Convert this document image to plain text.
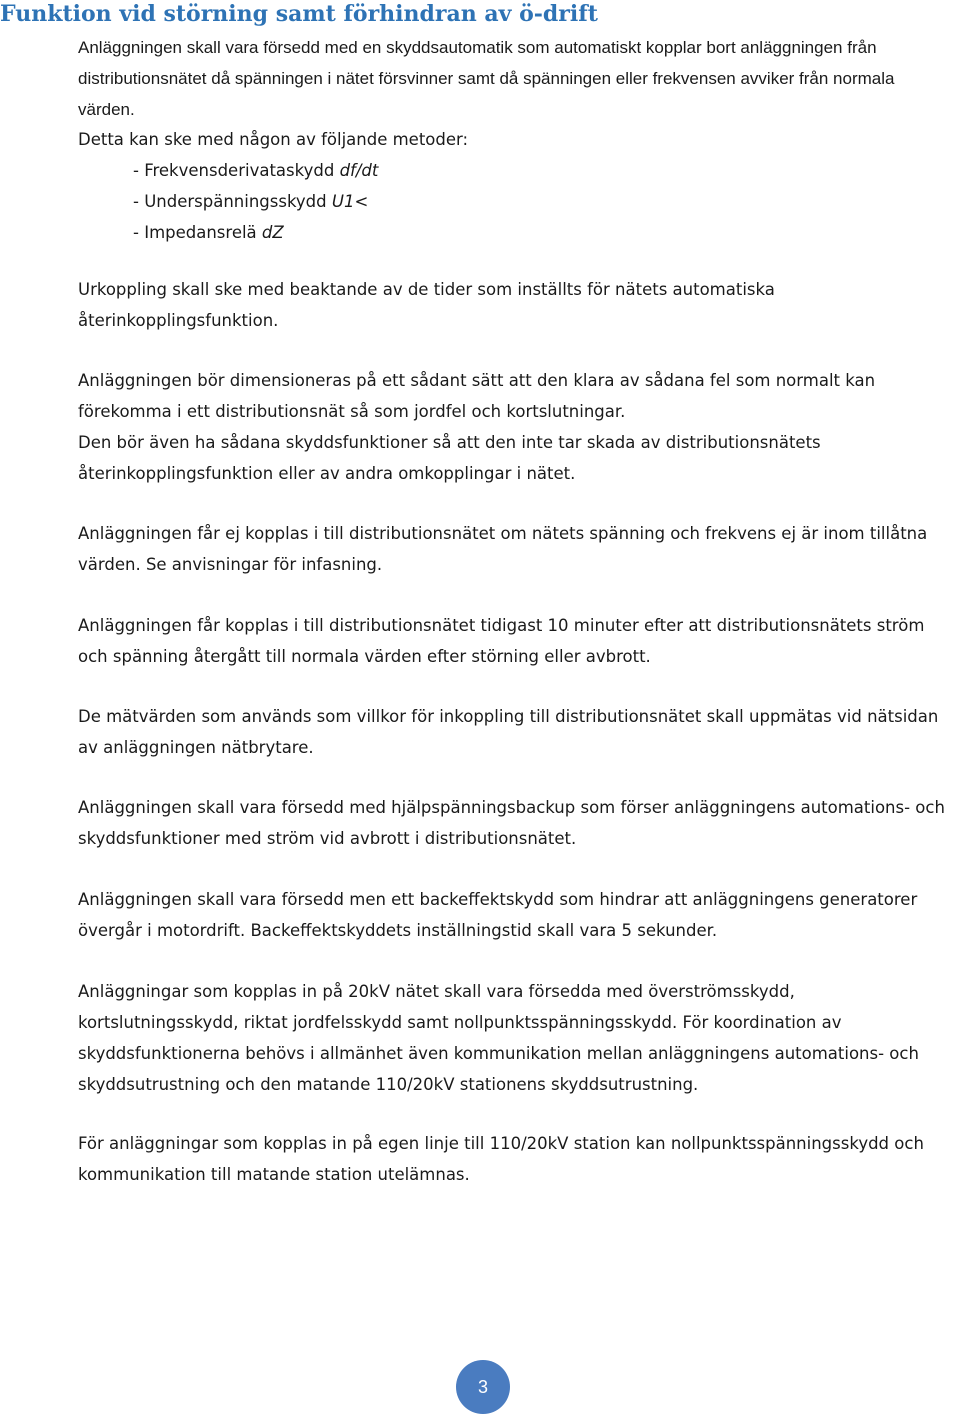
Funktion vid störning samt förhindran av ö-drift

Anläggningen skall vara försedd med en skyddsautomatik som automatiskt kopplar bort anläggningen från distributionsnätet då spänningen i nätet försvinner samt då spänningen eller frekvensen avviker från normala värden.

Detta kan ske med någon av följande metoder:

- Frekvensderivataskydd df/dt
- Underspänningsskydd U1<
- Impedansrelä dZ

Urkoppling skall ske med beaktande av de tider som inställts för nätets automatiska återinkopplingsfunktion.

Anläggningen bör dimensioneras på ett sådant sätt att den klara av sådana fel som normalt kan förekomma i ett distributionsnät så som jordfel och kortslutningar.

Den bör även ha sådana skyddsfunktioner så att den inte tar skada av distributionsnätets återinkopplingsfunktion eller av andra omkopplingar i nätet.

Anläggningen får ej kopplas i till distributionsnätet om nätets spänning och frekvens ej är inom tillåtna värden. Se anvisningar för infasning.

Anläggningen får kopplas i till distributionsnätet tidigast 10 minuter efter att distributionsnätets ström och spänning återgått till normala värden efter störning eller avbrott.

De mätvärden som används som villkor för inkoppling till distributionsnätet skall uppmätas vid nätsidan av anläggningen nätbrytare.

Anläggningen skall vara försedd med hjälpspänningsbackup som förser anläggningens automations- och skyddsfunktioner med ström vid avbrott i distributionsnätet.

Anläggningen skall vara försedd men ett backeffektskydd som hindrar att anläggningens generatorer övergår i motordrift. Backeffektskyddets inställningstid skall vara 5 sekunder.

Anläggningar som kopplas in på 20kV nätet skall vara försedda med överströmsskydd, kortslutningsskydd, riktat jordfelsskydd samt nollpunktsspänningsskydd. För koordination av skyddsfunktionerna behövs i allmänhet även kommunikation mellan anläggningens automations- och skyddsutrustning och den matande 110/20kV stationens skyddsutrustning.

För anläggningar som kopplas in på egen linje till 110/20kV station kan nollpunktsspänningsskydd och kommunikation till matande station utelämnas.

3
